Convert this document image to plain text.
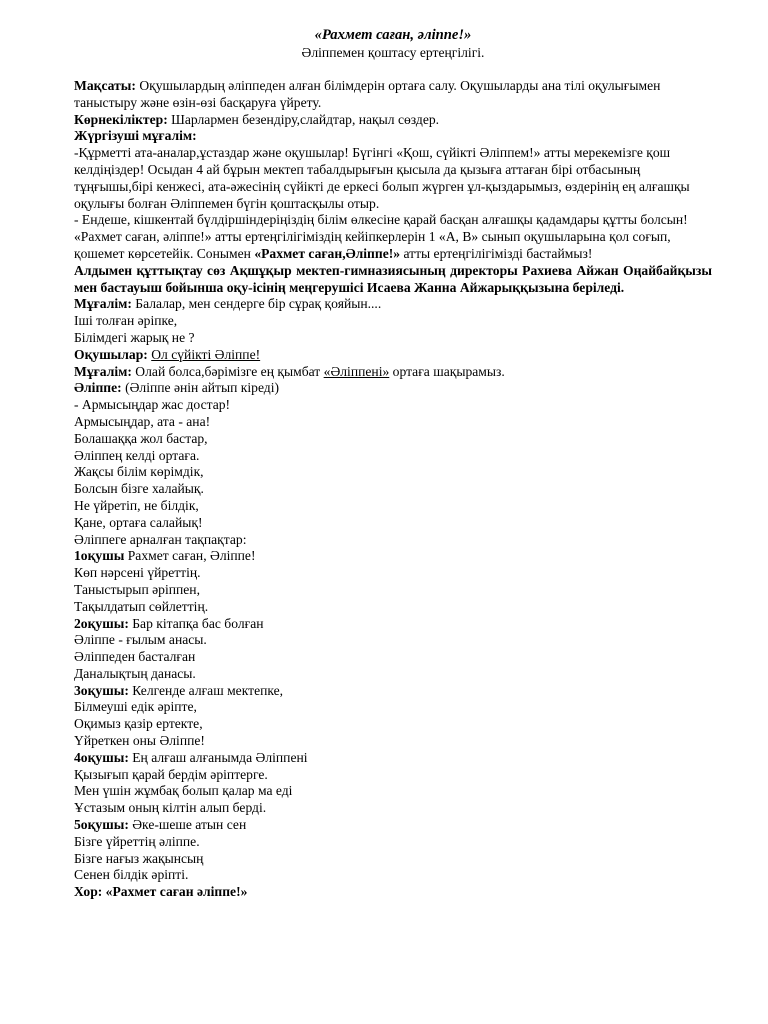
«Рахмет саған, әліппе!»
Әліппемен қоштасу ертеңгілігі.

Мақсаты: Оқушылардың әліппеден алған білімдерін ортаға салу. Оқушыларды ана тілі оқулығымен таныстыру және өзін-өзі басқаруға үйрету.

Көрнекіліктер: Шарлармен безендіру,слайдтар, нақыл сөздер.

Жүргізуші мұғалім:

-Құрметті ата-аналар,ұстаздар және оқушылар! Бүгінгі «Қош, сүйікті Әліппем!» атты мерекемізге қош келдіңіздер! Осыдан 4 ай бұрын мектеп табалдырығын қысыла да қызыға аттаған бірі отбасының тұңғышы,бірі кенжесі, ата-әжесінің сүйікті де еркесі болып жүрген ұл-қыздарымыз, өздерінің ең алғашқы оқулығы болған Әліппемен бүгін қоштасқылы отыр.

- Ендеше, кішкентай бүлдіршіндеріңіздің білім өлкесіне қарай басқан алғашқы қадамдары құтты болсын! «Рахмет саған, әліппе!» атты ертеңгілігіміздің кейіпкерлерін 1 «А, В» сынып оқушыларына қол соғып, қошемет көрсетейік. Сонымен «Рахмет саған,Әліппе!» атты ертеңгілігімізді бастаймыз!

Алдымен құттықтау сөз Ақшұқыр мектеп-гимназиясының директоры Рахиева Айжан Оңайбайқызы мен бастауыш бойынша оқу-ісінің меңгерушісі Исаева Жанна Айжарыққызына беріледі.

Мұғалім: Балалар, мен сендерге бір сұрақ қояйын....

Іші толған әріпке,

Білімдегі жарық не ?

Оқушылар: Ол сүйікті Әліппе!

Мұғалім: Олай болса,бәрімізге ең қымбат «Әліппені» ортаға шақырамыз.

Әліппе: (Әліппе әнін айтып кіреді)

- Армысыңдар жас достар!

Армысыңдар, ата - ана!

Болашаққа жол бастар,

Әліппең келді ортаға.

Жақсы білім көрімдік,

Болсын бізге халайық.

Не үйретіп, не білдік,

Қане, ортаға салайық!

Әліппеге арналған тақпақтар:

1оқушы Рахмет саған, Әліппе!

Көп нәрсені үйреттің.

Таныстырып әріппен,

Тақылдатып сөйлеттің.

2оқушы: Бар кітапқа бас болған

Әліппе - ғылым анасы.

Әліппеден басталған

Даналықтың данасы.

3оқушы: Келгенде алғаш мектепке,

Білмеуші едік әріпте,

Оқимыз қазір ертекте,

Үйреткен оны Әліппе!

4оқушы: Ең алғаш алғанымда Әліппені

Қызығып қарай бердім әріптерге.

Мен үшін жұмбақ болып қалар ма еді

Ұстазым оның кілтін алып берді.

5оқушы: Әке-шеше атын сен

Бізге үйреттің әліппе.

Бізге нағыз жақынсың

Сенен білдік әріпті.

Хор: «Рахмет саған әліппе!»
